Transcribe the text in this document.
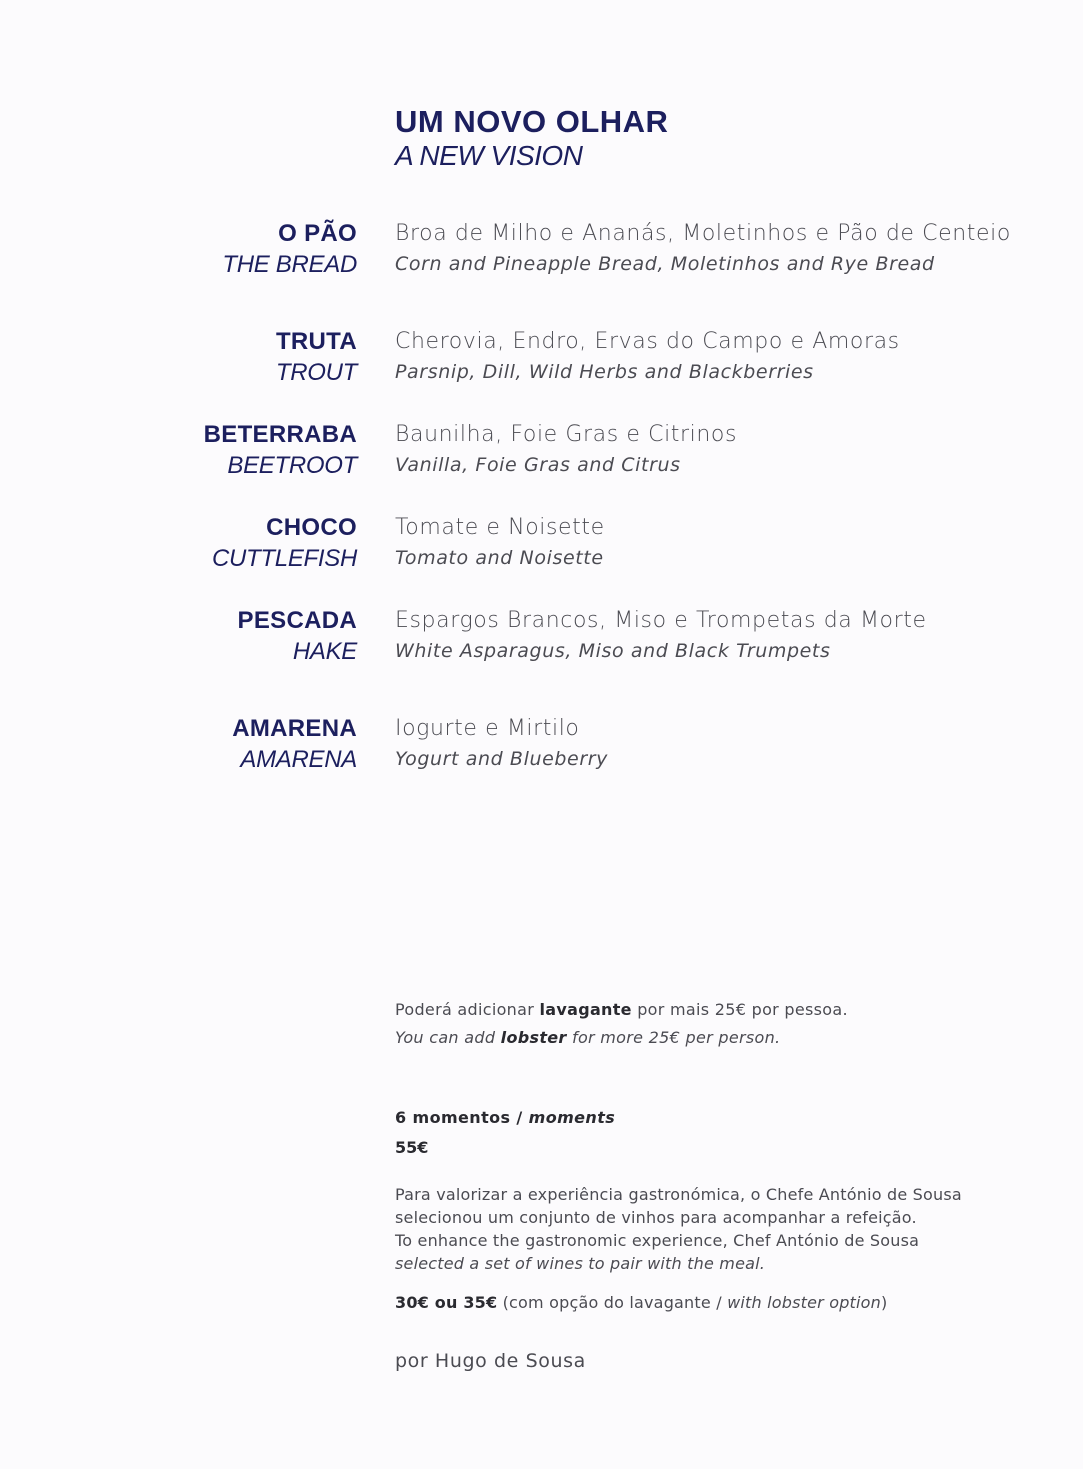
UM NOVO OLHAR
A NEW VISION
O PÃO
THE BREAD
Broa de Milho e Ananás, Moletinhos e Pão de Centeio
Corn and Pineapple Bread, Moletinhos and Rye Bread
TRUTA
TROUT
Cherovia, Endro, Ervas do Campo e Amoras
Parsnip, Dill, Wild Herbs and Blackberries
BETERRABA
BEETROOT
Baunilha, Foie Gras e Citrinos
Vanilla, Foie Gras and Citrus
CHOCO
CUTTLEFISH
Tomate e Noisette
Tomato and Noisette
PESCADA
HAKE
Espargos Brancos, Miso e Trompetas da Morte
White Asparagus, Miso and Black Trumpets
AMARENA
AMARENA
Iogurte e Mirtilo
Yogurt and Blueberry
Poderá adicionar lavagante por mais 25€ por pessoa.
You can add lobster for more 25€ per person.
6 momentos / moments
55€
Para valorizar a experiência gastronómica, o Chefe António de Sousa
selecionou um conjunto de vinhos para acompanhar a refeição.
To enhance the gastronomic experience, Chef António de Sousa
selected a set of wines to pair with the meal.
30€ ou 35€ (com opção do lavagante / with lobster option)
por Hugo de Sousa
